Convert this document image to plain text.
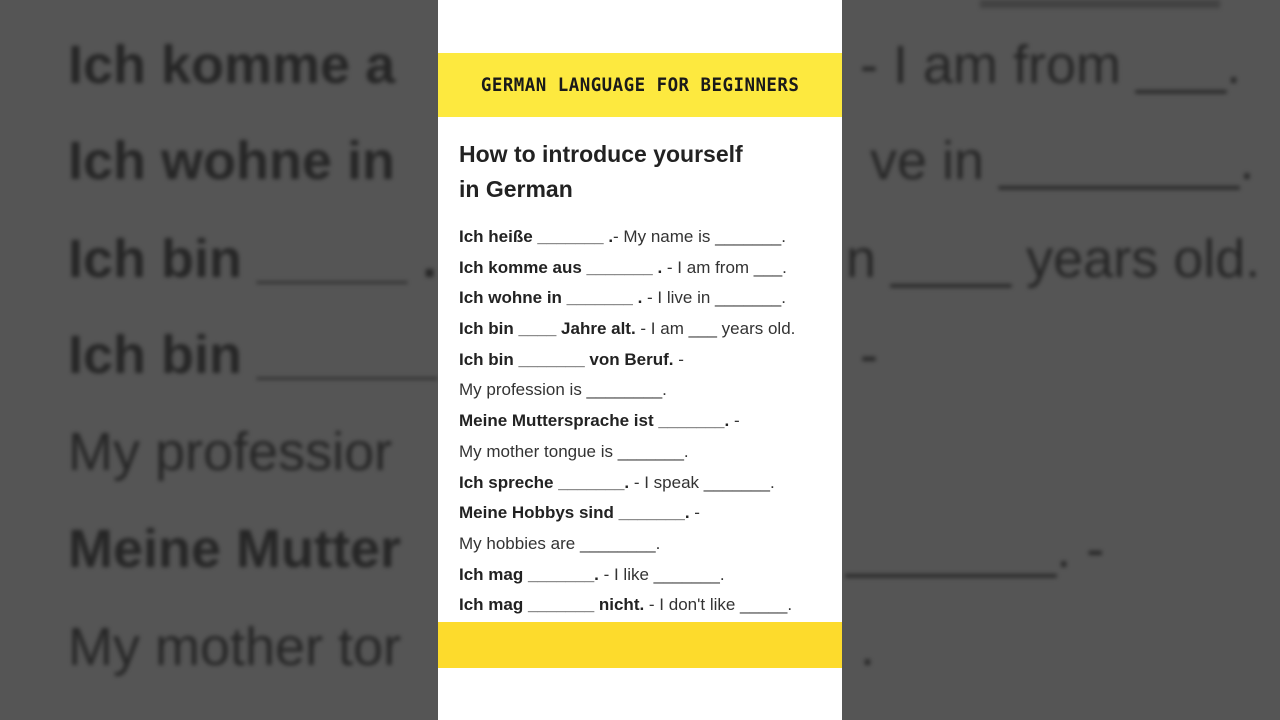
Ich komme a
Ich wohne in
Ich bin _____ .
Ich bin ______
My professior
Meine Mutter
My mother tor
- I am from ___.
ve in ________.
n ____ years old.
-
_______. -
.
GERMAN LANGUAGE FOR BEGINNERS
How to introduce yourself
in German
Ich heiße _______ .- My name is _______.
Ich komme aus _______ . - I am from ___.
Ich wohne in _______ . - I live in _______.
Ich bin ____ Jahre alt. - I am ___ years old.
Ich bin _______ von Beruf. -
My profession is ________.
Meine Muttersprache ist _______. -
My mother tongue is _______.
Ich spreche _______. - I speak _______.
Meine Hobbys sind _______. -
My hobbies are ________.
Ich mag _______. - I like _______.
Ich mag _______ nicht. - I don't like _____.
